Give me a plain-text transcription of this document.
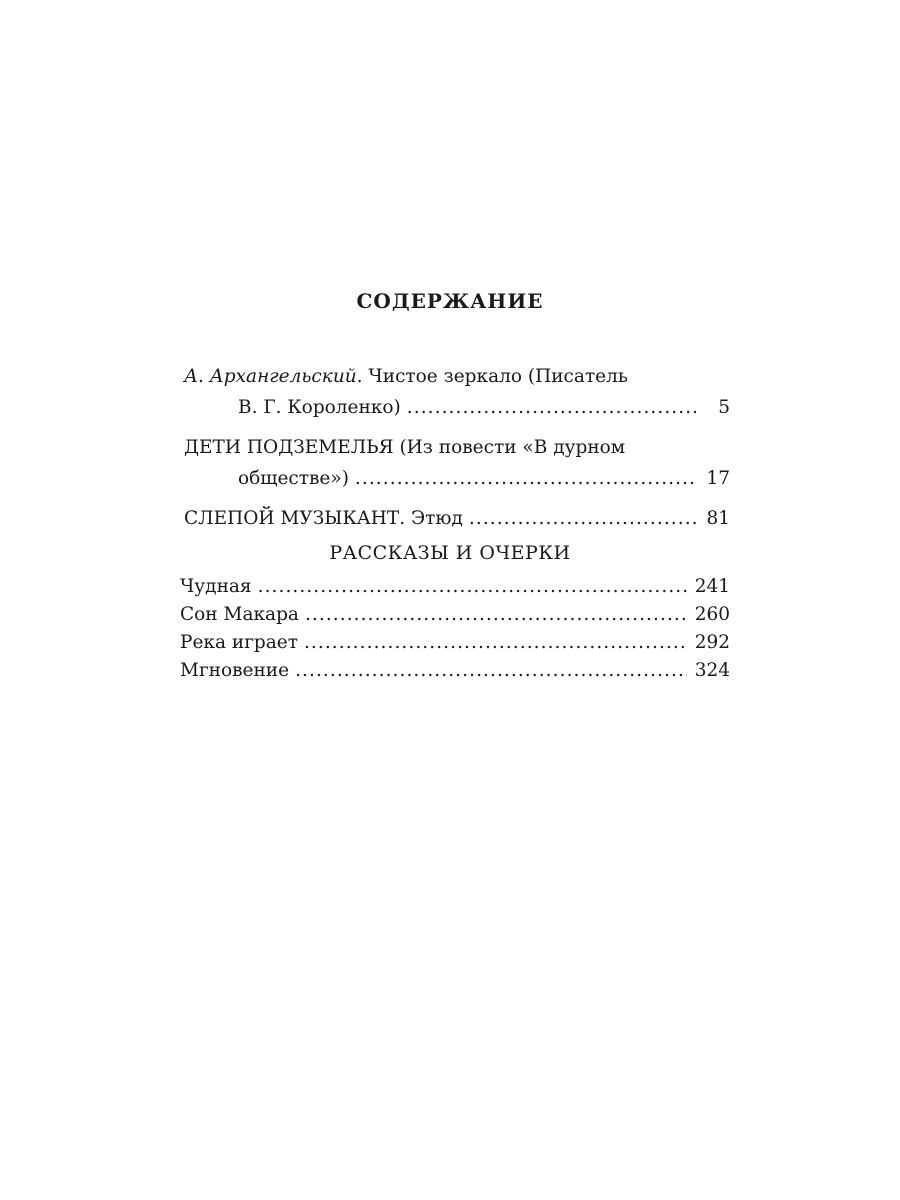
СОДЕРЖАНИЕ
А. Архангельский. Чистое зеркало (Писатель
В. Г. Короленко) . . .	5
ДЕТИ ПОДЗЕМЕЛЬЯ (Из повести «В дурном
обществе») . . .	17
СЛЕПОЙ МУЗЫКАНТ. Этюд . . .	81
РАССКАЗЫ И ОЧЕРКИ
Чудная . . .	241
Сон Макара . . .	260
Река играет . . .	292
Мгновение . . .	324
